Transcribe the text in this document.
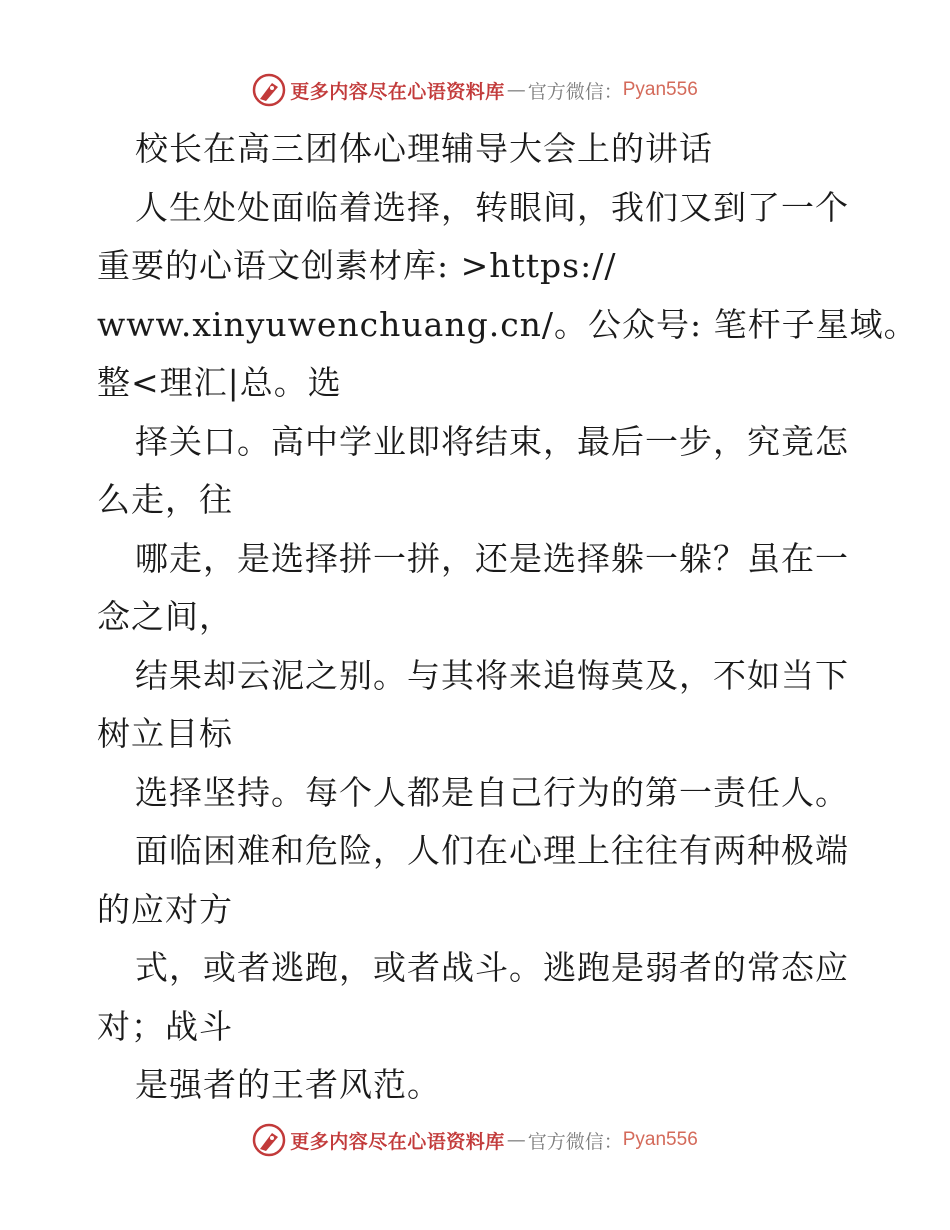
更多内容尽在心语资料库 — 官方微信： Pyan556
校长在高三团体心理辅导大会上的讲话
人生处处面临着选择，转眼间，我们又到了一个
重要的心语文创素材库: >https://
www.xinyuwenchuang.cn/。公众号: 笔杆子星域。
整<理汇|总。选
择关口。高中学业即将结束，最后一步，究竟怎
么走，往
哪走，是选择拼一拼，还是选择躲一躲？虽在一
念之间，
结果却云泥之别。与其将来追悔莫及，不如当下
树立目标
选择坚持。每个人都是自己行为的第一责任人。
面临困难和危险，人们在心理上往往有两种极端
的应对方
式，或者逃跑，或者战斗。逃跑是弱者的常态应
对；战斗
是强者的王者风范。
更多内容尽在心语资料库 — 官方微信： Pyan556
